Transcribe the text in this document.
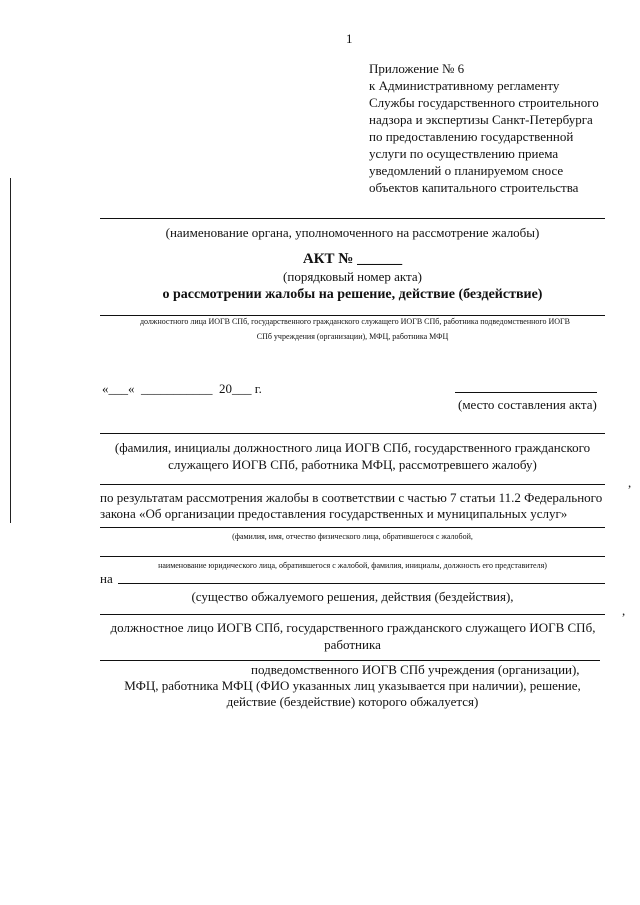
1
Приложение № 6
к Административному регламенту
Службы государственного строительного
надзора и экспертизы Санкт-Петербурга
по предоставлению государственной
услуги по осуществлению приема
уведомлений о планируемом сносе
объектов капитального строительства
(наименование органа, уполномоченного на рассмотрение жалобы)
АКТ № ______
(порядковый номер акта)
о рассмотрении жалобы на решение, действие (бездействие)
должностного лица ИОГВ СПб, государственного гражданского служащего ИОГВ СПб, работника подведомственного ИОГВ
СПб учреждения (организации), МФЦ, работника МФЦ
«___«  ___________  20___ г.
(место составления акта)
(фамилия, инициалы должностного лица ИОГВ СПб, государственного гражданского
служащего ИОГВ СПб, работника МФЦ, рассмотревшего жалобу)
,
по результатам рассмотрения жалобы в соответствии с частью 7 статьи 11.2 Федерального
закона «Об организации предоставления государственных и муниципальных услуг»
(фамилия, имя, отчество физического лица, обратившегося с жалобой,
наименование юридического лица, обратившегося с жалобой, фамилия, инициалы, должность его представителя)
на
(существо обжалуемого решения, действия (бездействия),
,
должностное лицо ИОГВ СПб, государственного гражданского служащего ИОГВ СПб,
работника
подведомственного ИОГВ СПб учреждения (организации),
МФЦ, работника МФЦ (ФИО указанных лиц указывается при наличии), решение,
действие (бездействие) которого обжалуется)
